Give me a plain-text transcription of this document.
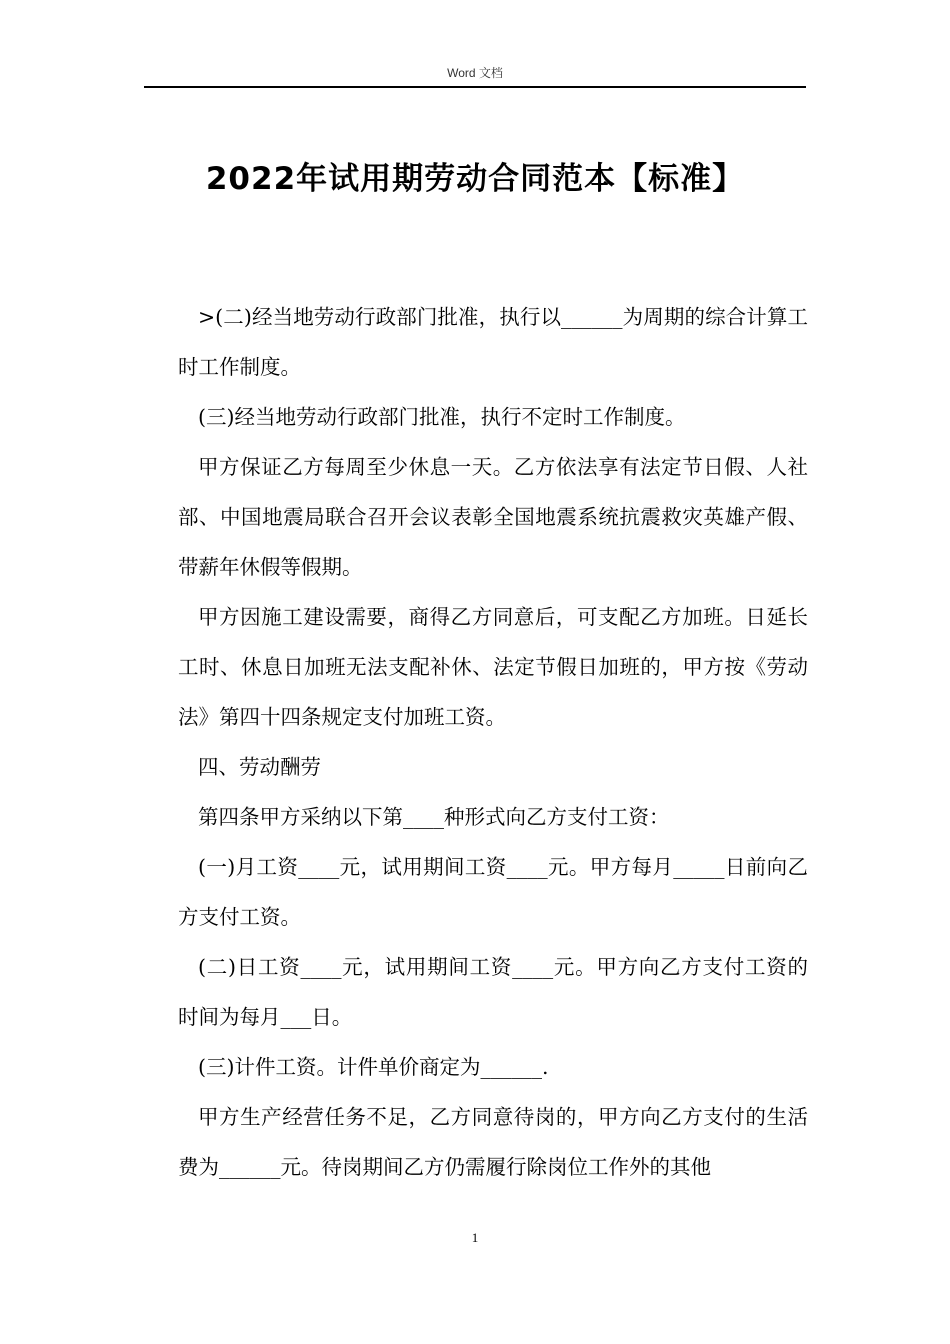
Word 文档
2022年试用期劳动合同范本【标准】

>(二)经当地劳动行政部门批准，执行以______为周期的综合计算工时工作制度。

(三)经当地劳动行政部门批准，执行不定时工作制度。

甲方保证乙方每周至少休息一天。乙方依法享有法定节日假、人社部、中国地震局联合召开会议表彰全国地震系统抗震救灾英雄产假、带薪年休假等假期。

甲方因施工建设需要，商得乙方同意后，可支配乙方加班。日延长工时、休息日加班无法支配补休、法定节假日加班的，甲方按《劳动法》第四十四条规定支付加班工资。

四、劳动酬劳

第四条甲方采纳以下第____种形式向乙方支付工资：

(一)月工资____元，试用期间工资____元。甲方每月_____日前向乙方支付工资。

(二)日工资____元，试用期间工资____元。甲方向乙方支付工资的时间为每月___日。

(三)计件工资。计件单价商定为______.

甲方生产经营任务不足，乙方同意待岗的，甲方向乙方支付的生活费为______元。待岗期间乙方仍需履行除岗位工作外的其他

1
